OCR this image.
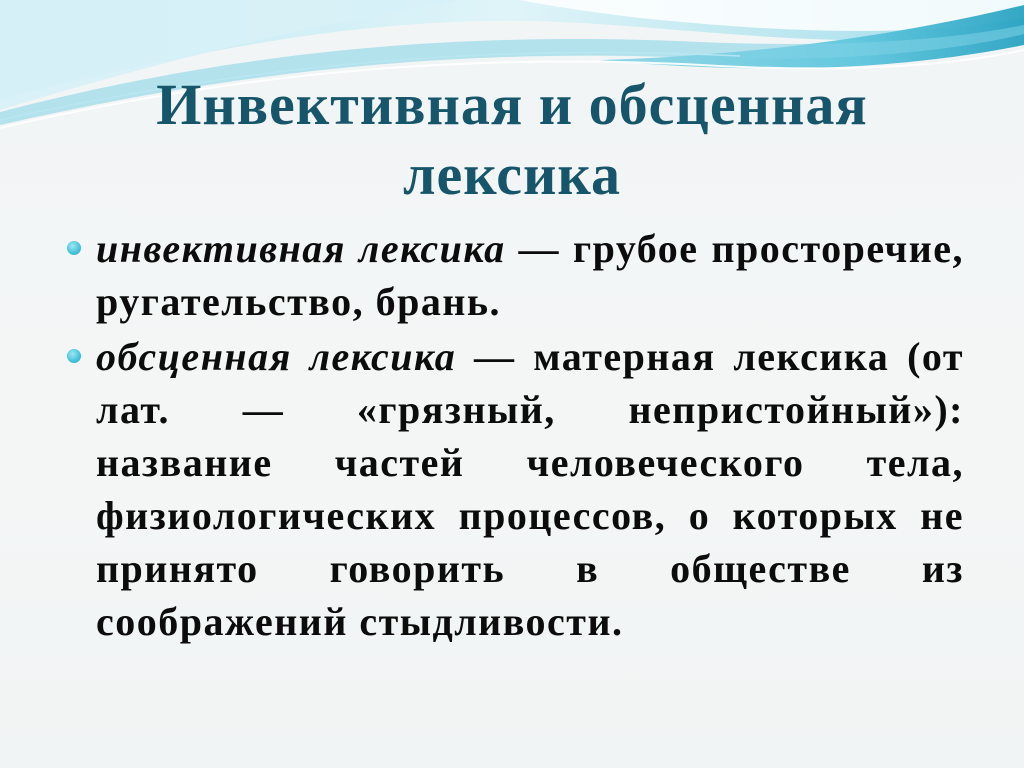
Инвективная и обсценная
лексика
инвективная лексика — грубое просторечие, ругательство, брань.
обсценная лексика — матерная лексика (от лат. — «грязный, непристойный»): название частей человеческого тела, физиологических процессов, о которых не принято говорить в обществе из соображений стыдливости.
